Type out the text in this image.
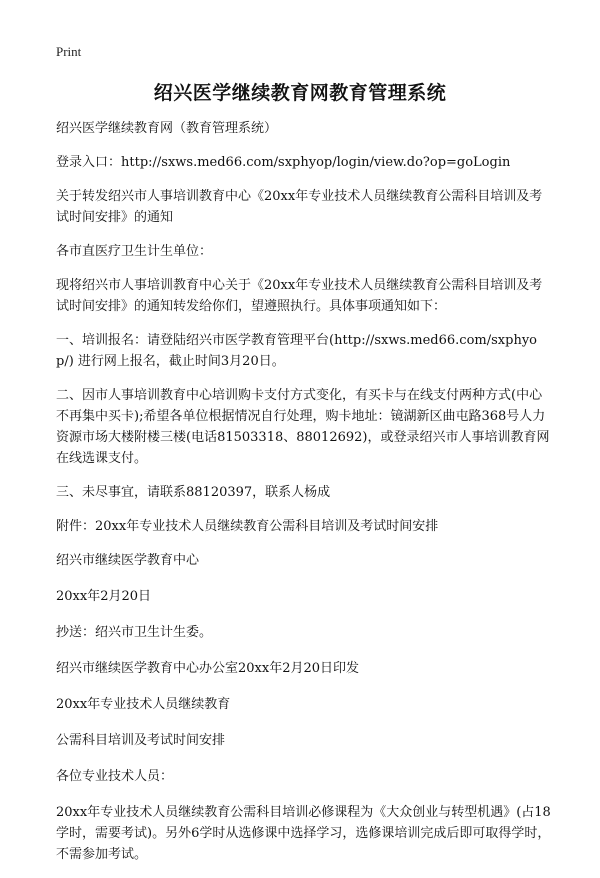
Print
绍兴医学继续教育网教育管理系统

绍兴医学继续教育网（教育管理系统）

登录入口：http://sxws.med66.com/sxphyop/login/view.do?op=goLogin

关于转发绍兴市人事培训教育中心《20xx年专业技术人员继续教育公需科目培训及考试时间安排》的通知

各市直医疗卫生计生单位：

现将绍兴市人事培训教育中心关于《20xx年专业技术人员继续教育公需科目培训及考试时间安排》的通知转发给你们，望遵照执行。具体事项通知如下：

一、培训报名：请登陆绍兴市医学教育管理平台(http://sxws.med66.com/sxphyop/) 进行网上报名，截止时间3月20日。

二、因市人事培训教育中心培训购卡支付方式变化，有买卡与在线支付两种方式(中心不再集中买卡);希望各单位根据情况自行处理，购卡地址：镜湖新区曲屯路368号人力资源市场大楼附楼三楼(电话81503318、88012692)，或登录绍兴市人事培训教育网在线选课支付。

三、未尽事宜，请联系88120397，联系人杨成

附件：20xx年专业技术人员继续教育公需科目培训及考试时间安排

绍兴市继续医学教育中心

20xx年2月20日

抄送：绍兴市卫生计生委。

绍兴市继续医学教育中心办公室20xx年2月20日印发

20xx年专业技术人员继续教育

公需科目培训及考试时间安排

各位专业技术人员：

20xx年专业技术人员继续教育公需科目培训必修课程为《大众创业与转型机遇》(占18学时，需要考试)。另外6学时从选修课中选择学习，选修课培训完成后即可取得学时，不需参加考试。
